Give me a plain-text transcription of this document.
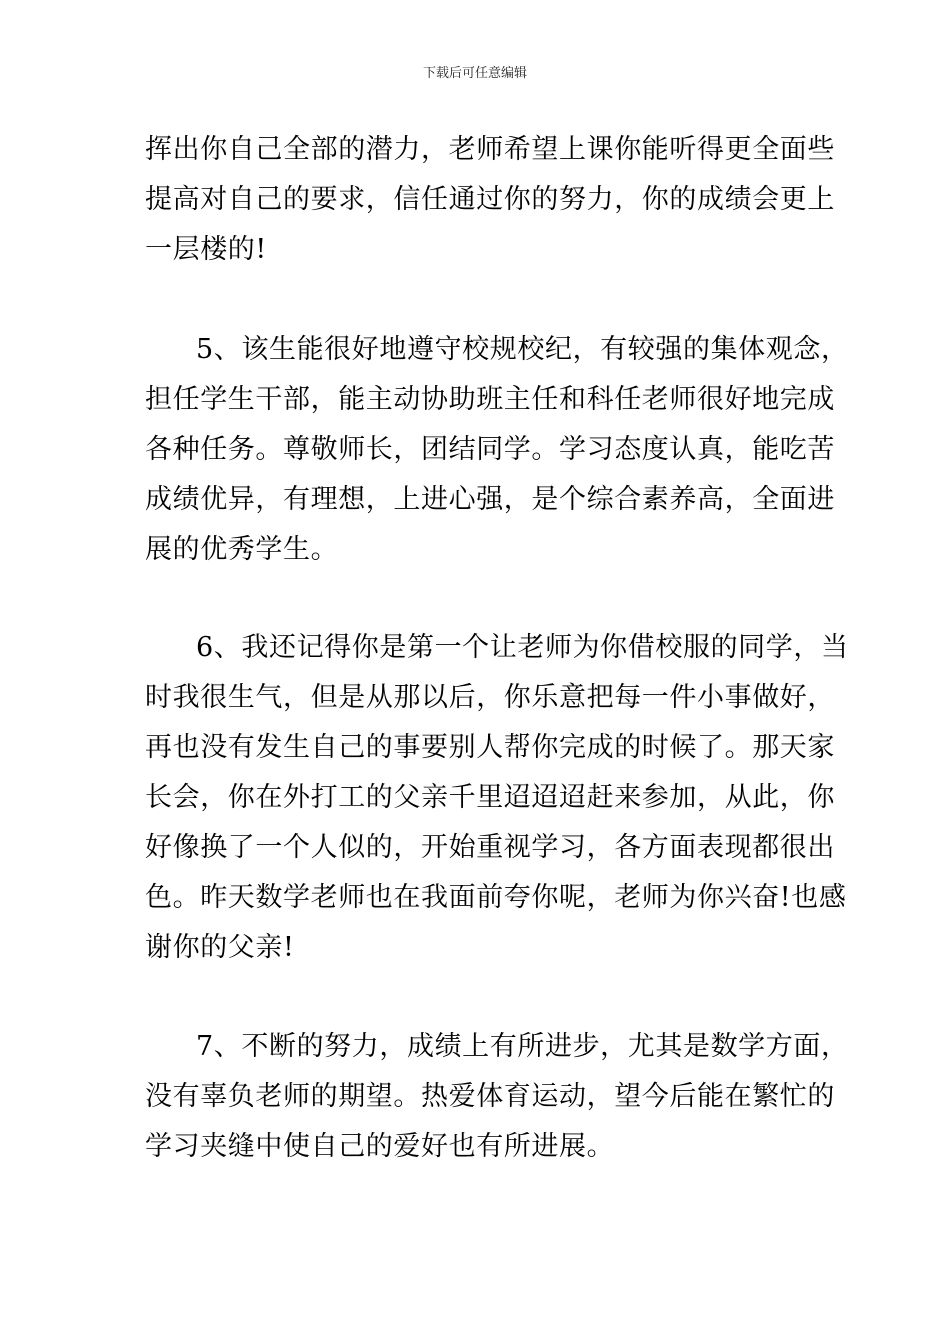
下载后可任意编辑
挥出你自己全部的潜力，老师希望上课你能听得更全面些
提高对自己的要求，信任通过你的努力，你的成绩会更上
一层楼的!
5、该生能很好地遵守校规校纪，有较强的集体观念，
担任学生干部，能主动协助班主任和科任老师很好地完成
各种任务。尊敬师长，团结同学。学习态度认真，能吃苦
成绩优异，有理想，上进心强，是个综合素养高，全面进
展的优秀学生。
6、我还记得你是第一个让老师为你借校服的同学，当
时我很生气，但是从那以后，你乐意把每一件小事做好，
再也没有发生自己的事要别人帮你完成的时候了。那天家
长会，你在外打工的父亲千里迢迢迢赶来参加，从此，你
好像换了一个人似的，开始重视学习，各方面表现都很出
色。昨天数学老师也在我面前夸你呢，老师为你兴奋!也感
谢你的父亲!
7、不断的努力，成绩上有所进步，尤其是数学方面，
没有辜负老师的期望。热爱体育运动，望今后能在繁忙的
学习夹缝中使自己的爱好也有所进展。
